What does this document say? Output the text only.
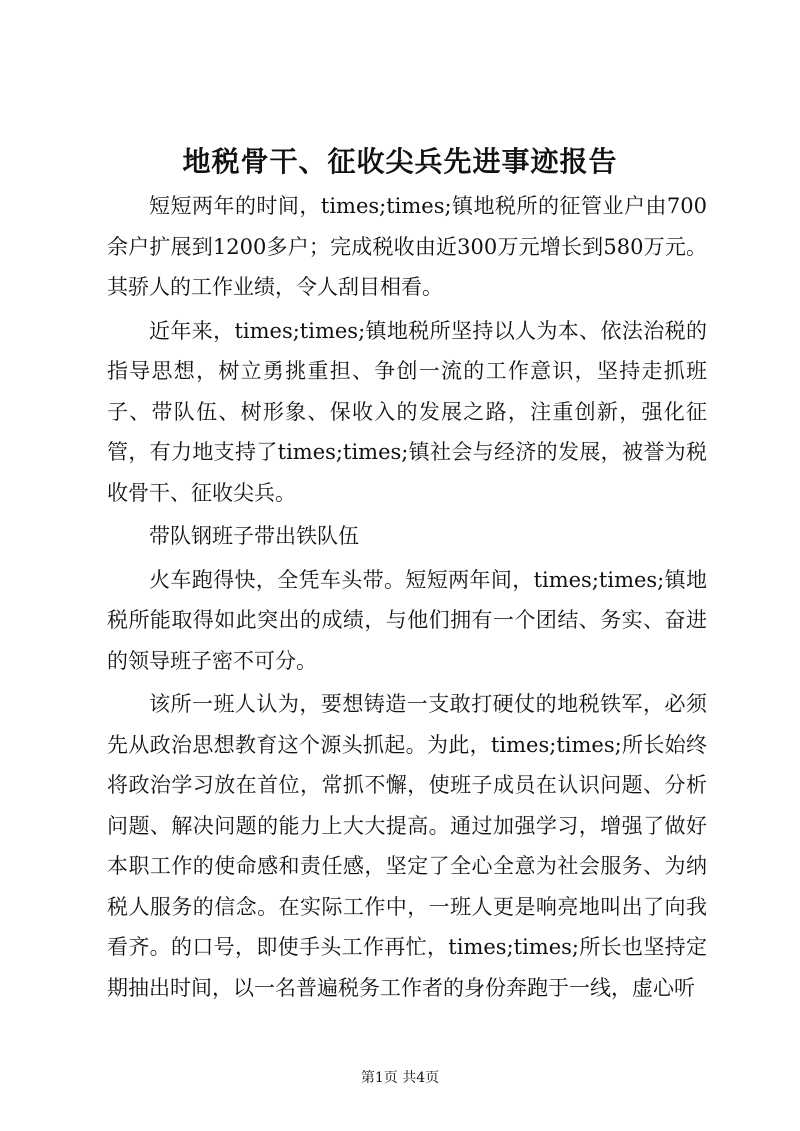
地税骨干、征收尖兵先进事迹报告

短短两年的时间，times;times;镇地税所的征管业户由700余户扩展到1200多户；完成税收由近300万元增长到580万元。其骄人的工作业绩，令人刮目相看。

近年来，times;times;镇地税所坚持以人为本、依法治税的指导思想，树立勇挑重担、争创一流的工作意识，坚持走抓班子、带队伍、树形象、保收入的发展之路，注重创新，强化征管，有力地支持了times;times;镇社会与经济的发展，被誉为税收骨干、征收尖兵。

带队钢班子带出铁队伍

火车跑得快，全凭车头带。短短两年间，times;times;镇地税所能取得如此突出的成绩，与他们拥有一个团结、务实、奋进的领导班子密不可分。

该所一班人认为，要想铸造一支敢打硬仗的地税铁军，必须先从政治思想教育这个源头抓起。为此，times;times;所长始终将政治学习放在首位，常抓不懈，使班子成员在认识问题、分析问题、解决问题的能力上大大提高。通过加强学习，增强了做好本职工作的使命感和责任感，坚定了全心全意为社会服务、为纳税人服务的信念。在实际工作中，一班人更是响亮地叫出了向我看齐。的口号，即使手头工作再忙，times;times;所长也坚持定期抽出时间，以一名普遍税务工作者的身份奔跑于一线，虚心听

第1页 共4页
